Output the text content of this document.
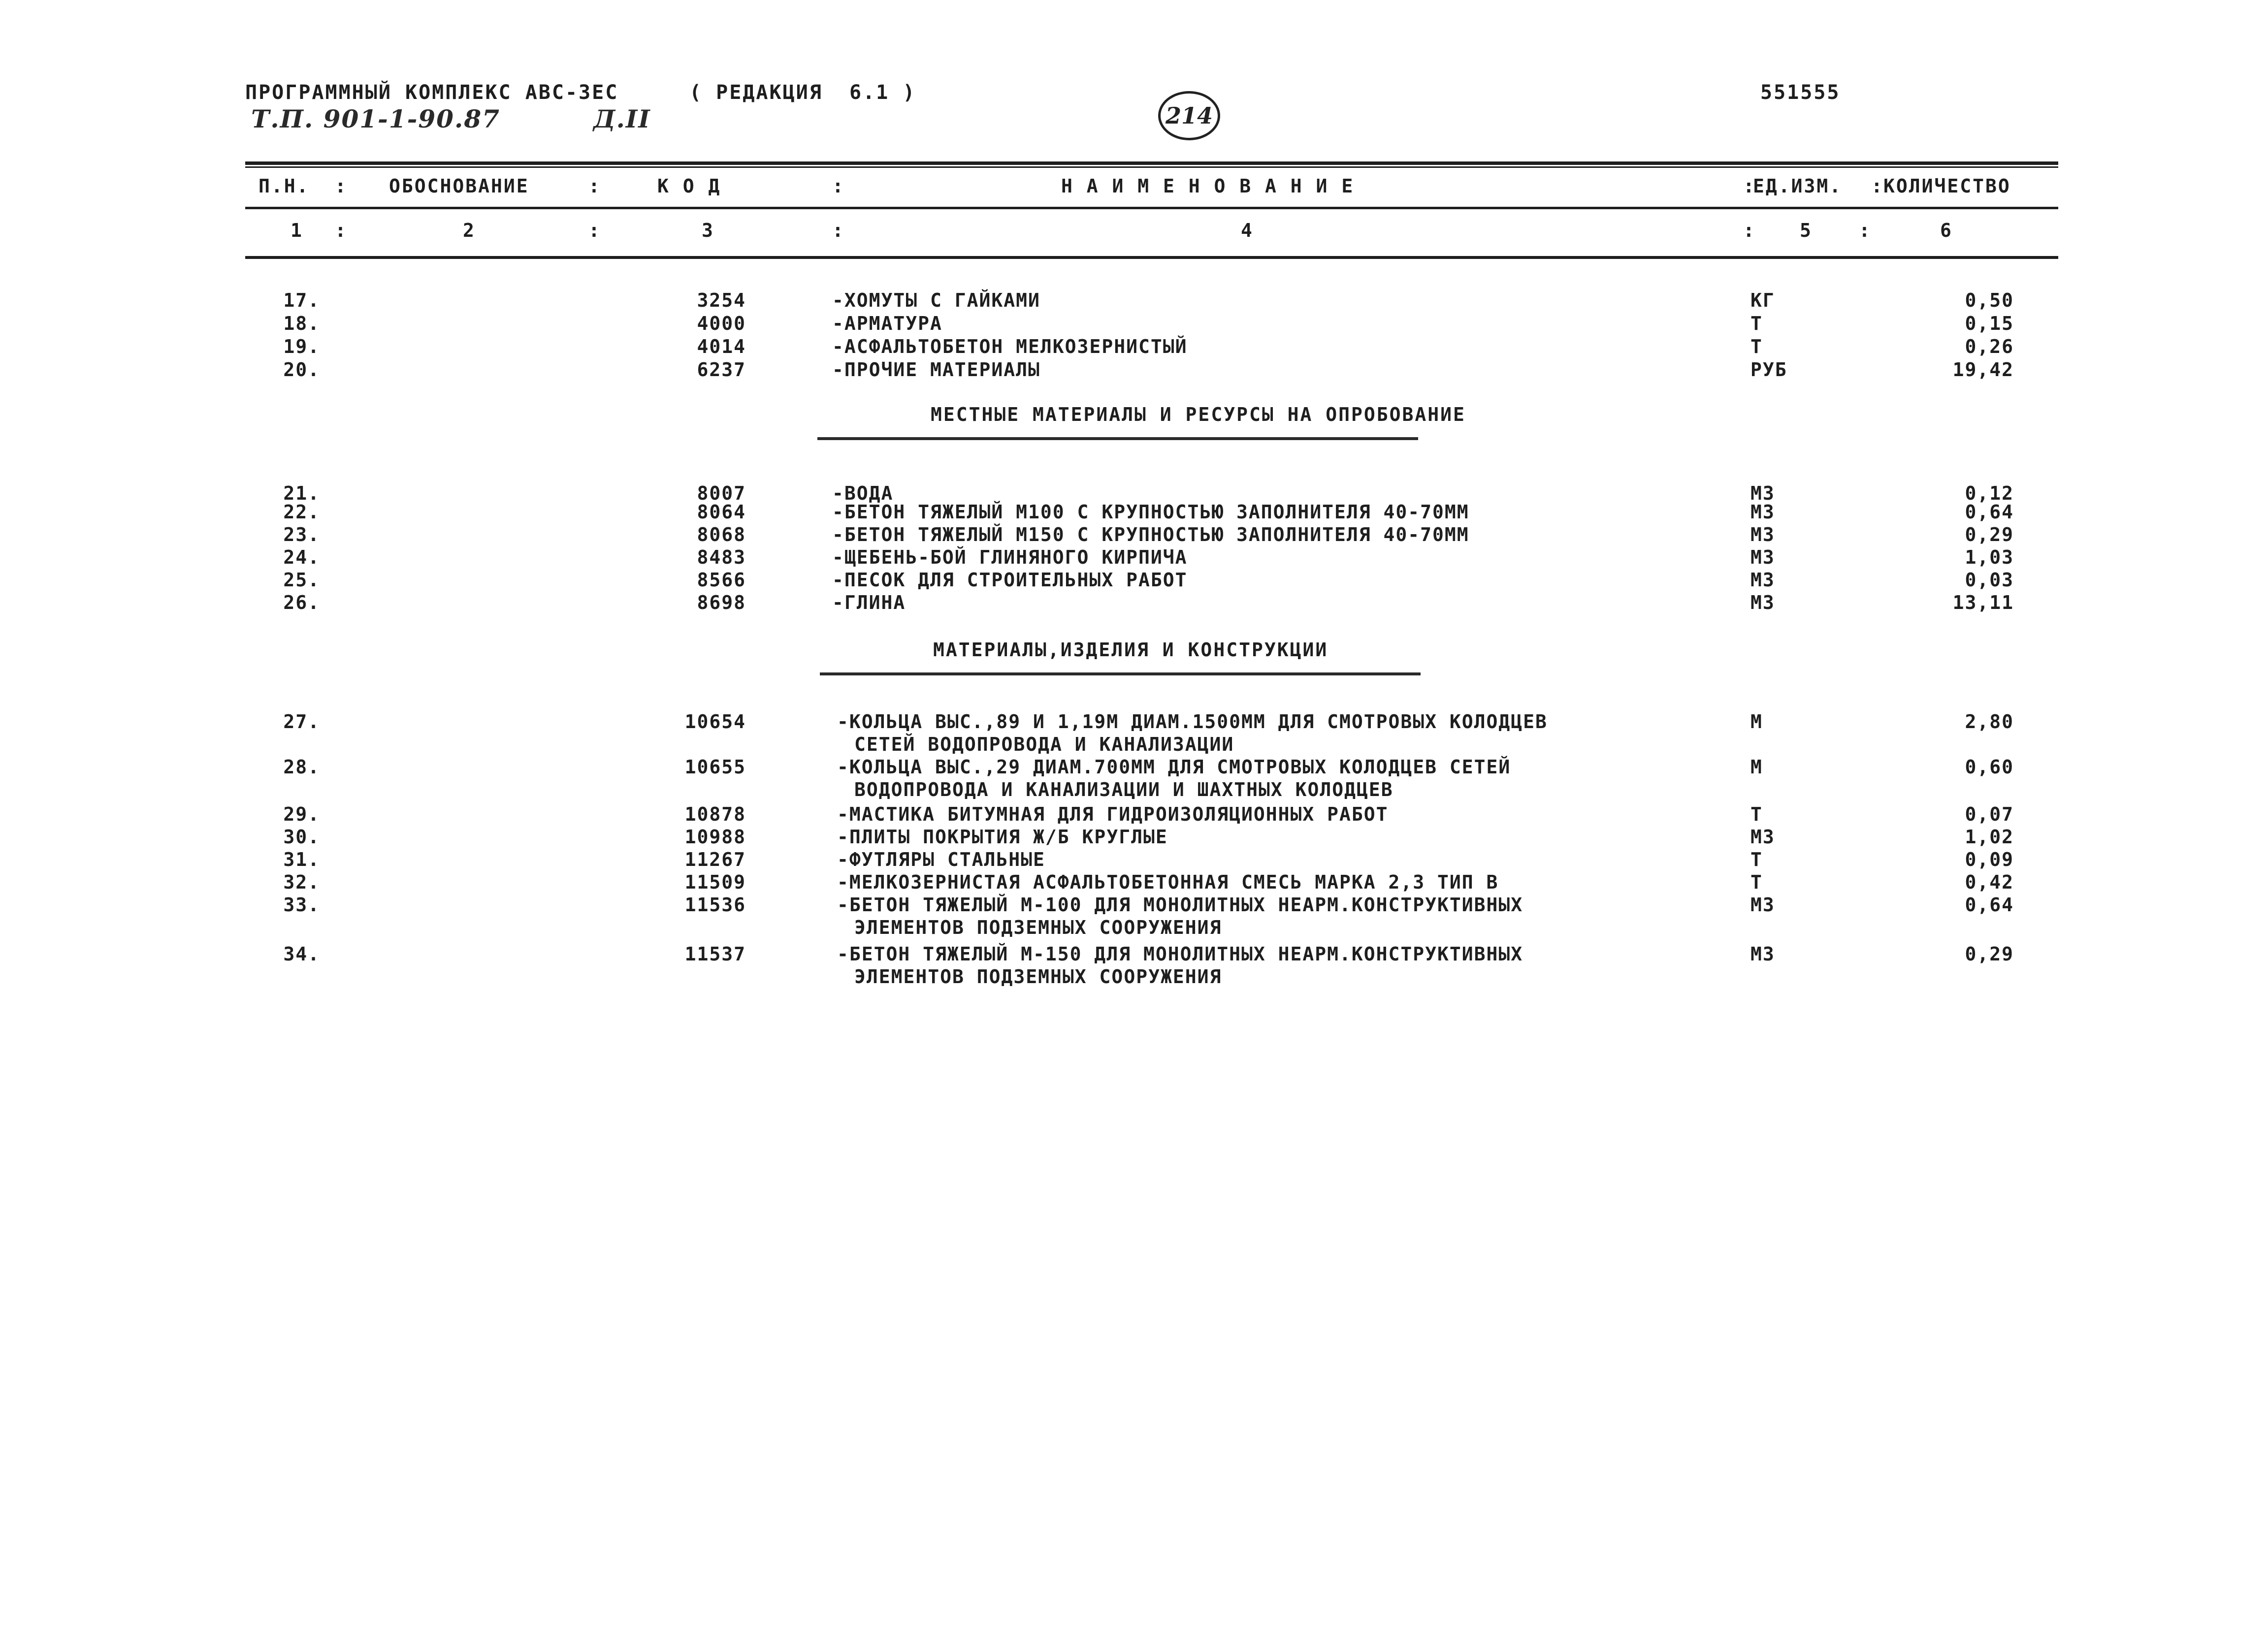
ПРОГРАММНЫЙ КОМПЛЕКС АВС-3ЕС	( РЕДАКЦИЯ  6.1 )	551555
Т.П. 901-1-90.87	Д.II	214
П.Н. : ОБОСНОВАНИЕ	:	К О Д	:	Н А И М Е Н О В А Н И Е	:
ЕД.ИЗМ. : КОЛИЧЕСТВО
1 :	2	:	3	:	4	: 5	:	6
17.	3254	-ХОМУТЫ С ГАЙКАМИ	КГ	0,50
18.	4000	-АРМАТУРА	Т	0,15
19.	4014	-АСФАЛЬТОБЕТОН МЕЛКОЗЕРНИСТЫЙ	Т	0,26
20.	6237	-ПРОЧИЕ МАТЕРИАЛЫ	РУБ	19,42
МЕСТНЫЕ МАТЕРИАЛЫ И РЕСУРСЫ НА ОПРОБОВАНИЕ
21.	8007	-ВОДА	М3	0,12
22.	8064	-БЕТОН ТЯЖЕЛЫЙ М100 С КРУПНОСТЬЮ ЗАПОЛНИТЕЛЯ 40-70ММ	М3	0,64
23.	8068	-БЕТОН ТЯЖЕЛЫЙ М150 С КРУПНОСТЬЮ ЗАПОЛНИТЕЛЯ 40-70ММ	М3	0,29
24.	8483	-ЩЕБЕНЬ-БОЙ ГЛИНЯНОГО КИРПИЧА	М3	1,03
25.	8566	-ПЕСОК ДЛЯ СТРОИТЕЛЬНЫХ РАБОТ	М3	0,03
26.	8698	-ГЛИНА	М3	13,11
МАТЕРИАЛЫ,ИЗДЕЛИЯ И КОНСТРУКЦИИ
27.	10654	-КОЛЬЦА ВЫС.,89 И 1,19М ДИАМ.1500ММ ДЛЯ СМОТРОВЫХ КОЛОДЦЕВ
СЕТЕЙ ВОДОПРОВОДА И КАНАЛИЗАЦИИ
М	2,80
28.	10655	-КОЛЬЦА ВЫС.,29 ДИАМ.700ММ ДЛЯ СМОТРОВЫХ КОЛОДЦЕВ СЕТЕЙ
ВОДОПРОВОДА И КАНАЛИЗАЦИИ И ШАХТНЫХ КОЛОДЦЕВ
М	0,60
29.	10878	-МАСТИКА БИТУМНАЯ ДЛЯ ГИДРОИЗОЛЯЦИОННЫХ РАБОТ	Т	0,07
30.	10988	-ПЛИТЫ ПОКРЫТИЯ Ж/Б КРУГЛЫЕ	М3	1,02
31.	11267	-ФУТЛЯРЫ СТАЛЬНЫЕ	Т	0,09
32.	11509	-МЕЛКОЗЕРНИСТАЯ АСФАЛЬТОБЕТОННАЯ СМЕСЬ МАРКА 2,3 ТИП В	Т	0,42
33.	11536	-БЕТОН ТЯЖЕЛЫЙ М-100 ДЛЯ МОНОЛИТНЫХ НЕАРМ.КОНСТРУКТИВНЫХ
ЭЛЕМЕНТОВ ПОДЗЕМНЫХ СООРУЖЕНИЯ
М3	0,64
34.	11537	-БЕТОН ТЯЖЕЛЫЙ М-150 ДЛЯ МОНОЛИТНЫХ НЕАРМ.КОНСТРУКТИВНЫХ
ЭЛЕМЕНТОВ ПОДЗЕМНЫХ СООРУЖЕНИЯ
М3	0,29
